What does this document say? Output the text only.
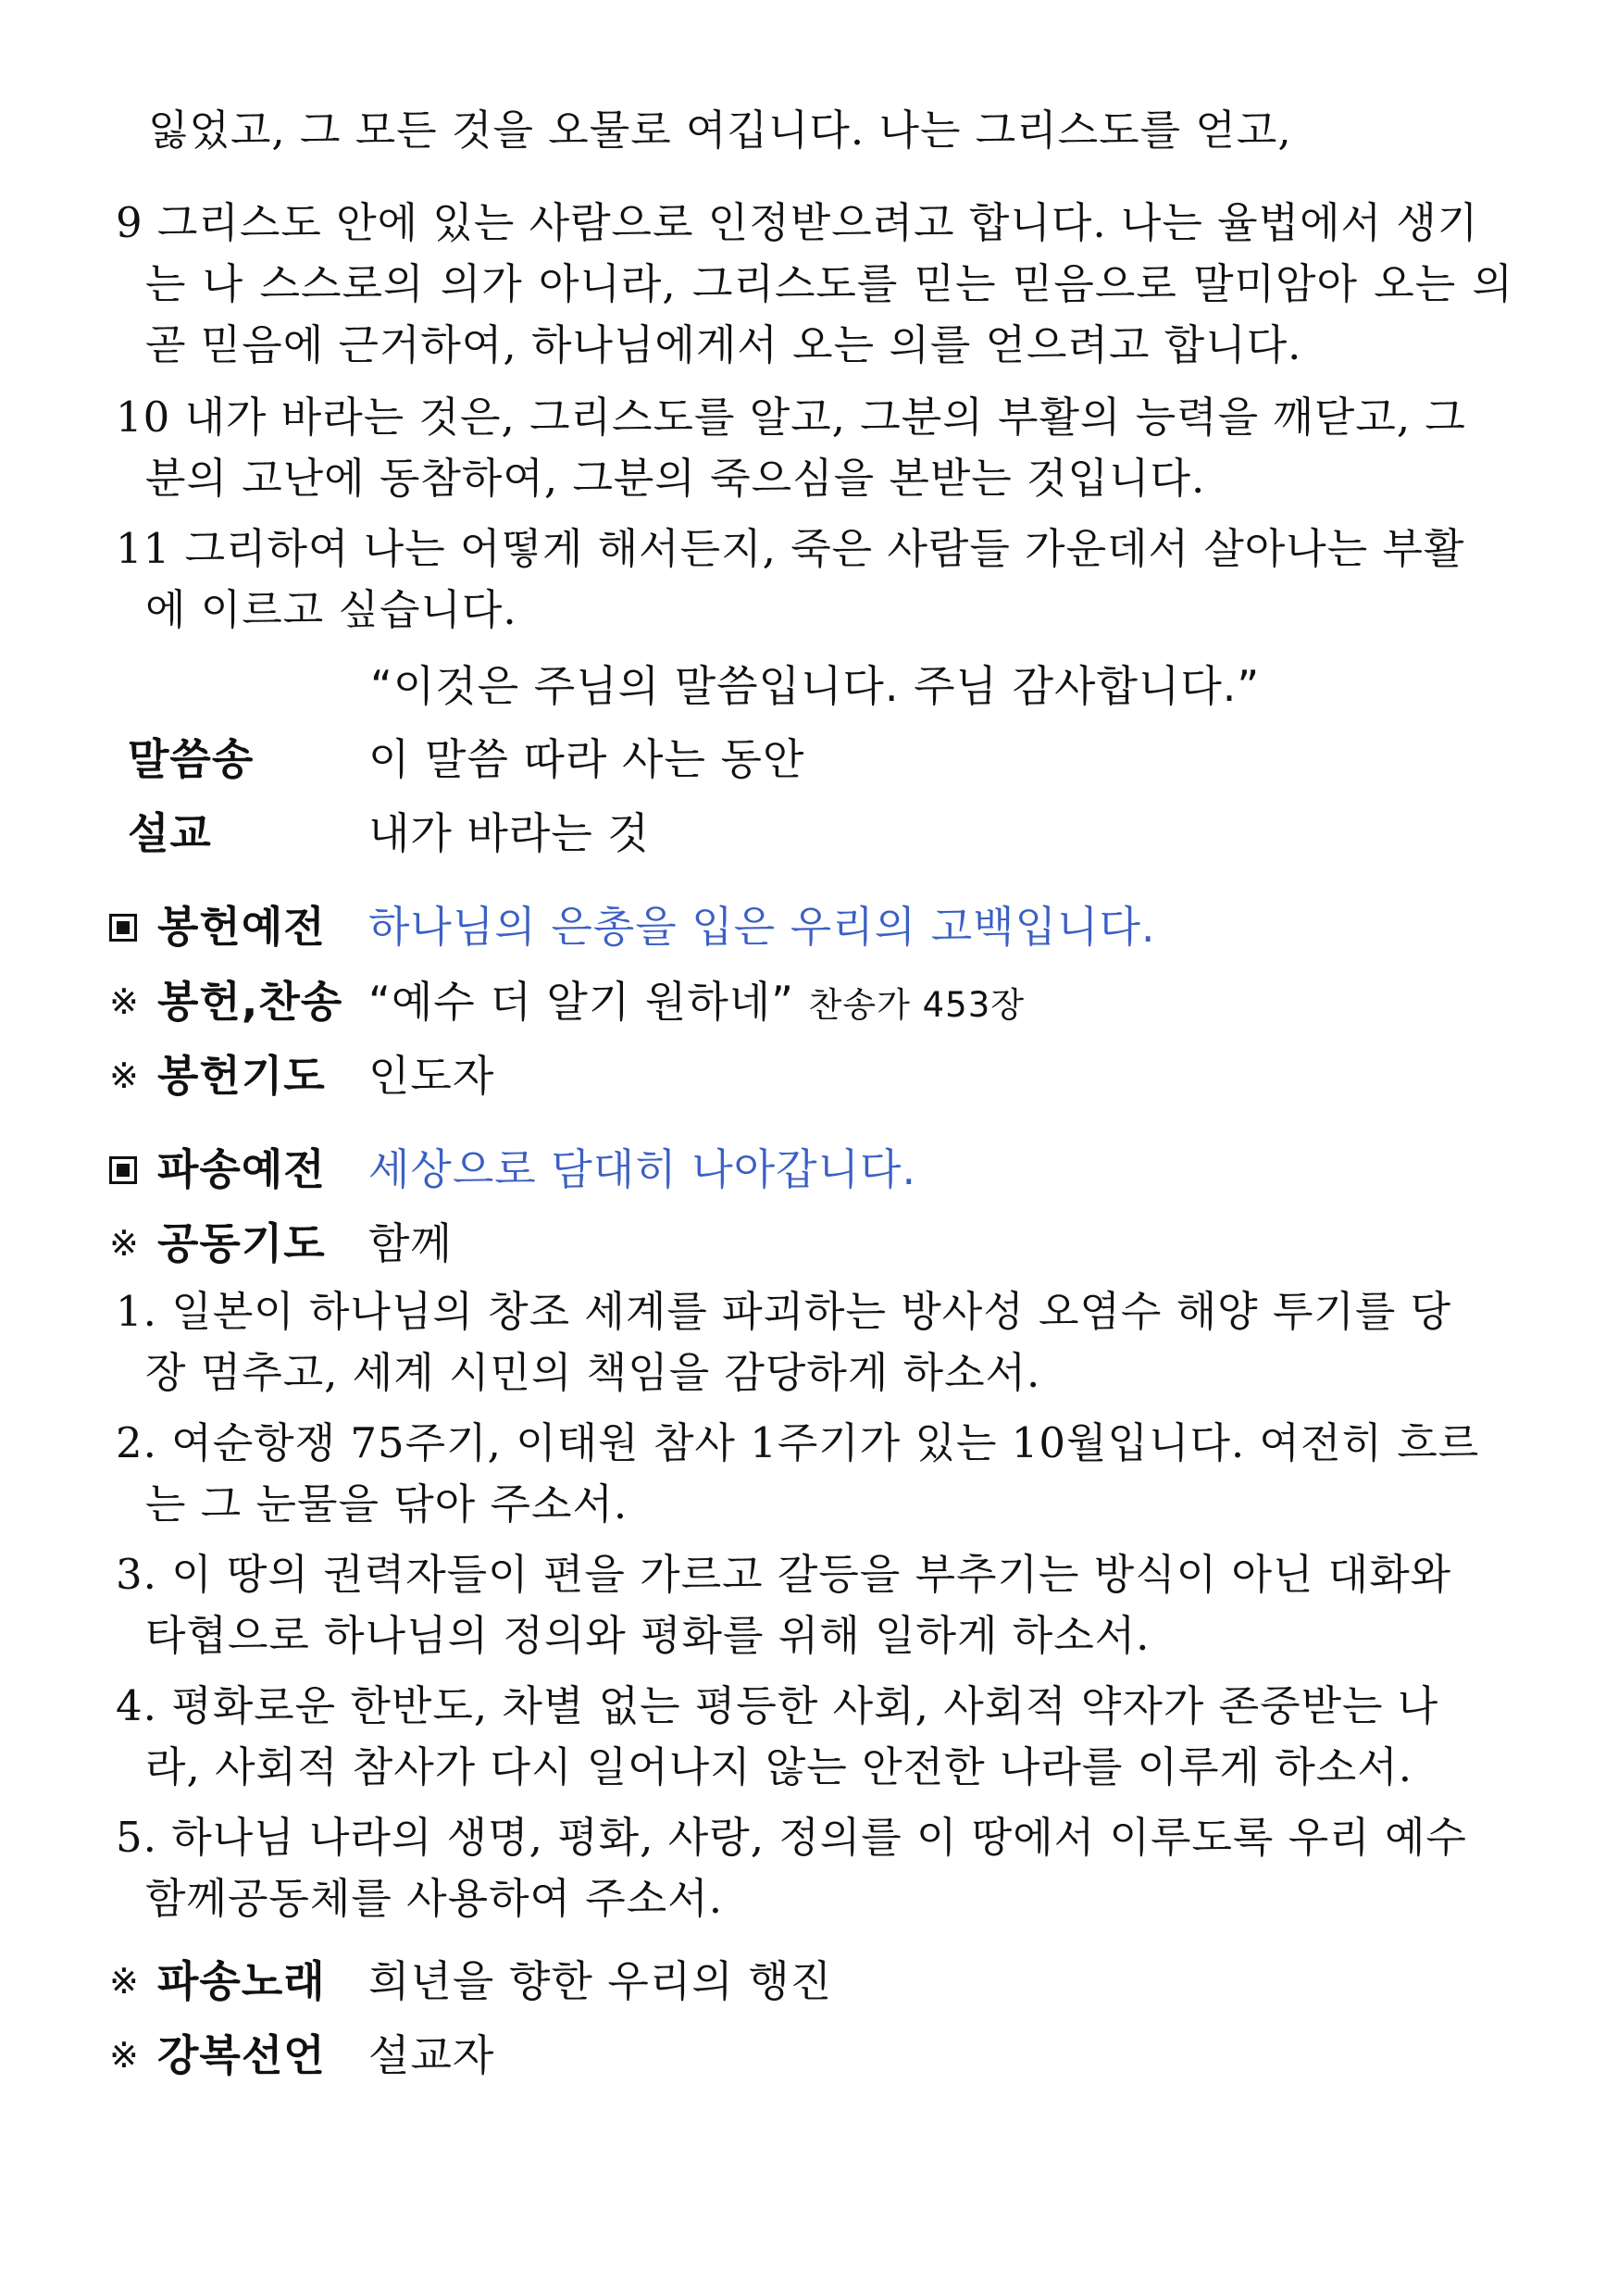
잃었고, 그 모든 것을 오물로 여깁니다. 나는 그리스도를 얻고,
9 그리스도 안에 있는 사람으로 인정받으려고 합니다. 나는 율법에서 생기
는 나 스스로의 의가 아니라, 그리스도를 믿는 믿음으로 말미암아 오는 의 곧 믿음에 근거하여, 하나님에게서 오는 의를 얻으려고 합니다.
10 내가 바라는 것은, 그리스도를 알고, 그분의 부활의 능력을 깨닫고, 그
분의 고난에 동참하여, 그분의 죽으심을 본받는 것입니다.
11 그리하여 나는 어떻게 해서든지, 죽은 사람들 가운데서 살아나는 부활
에 이르고 싶습니다.
“이것은 주님의 말씀입니다. 주님 감사합니다.”
말씀송	이 말씀 따라 사는 동안
설교	내가 바라는 것
봉헌예전 하나님의 은총을 입은 우리의 고백입니다.
※ 봉헌,찬송 “예수 더 알기 원하네” 찬송가 453장
※ 봉헌기도 인도자
파송예전 세상으로 담대히 나아갑니다.
※ 공동기도 함께
1. 일본이 하나님의 창조 세계를 파괴하는 방사성 오염수 해양 투기를 당
장 멈추고, 세계 시민의 책임을 감당하게 하소서.
2. 여순항쟁 75주기, 이태원 참사 1주기가 있는 10월입니다. 여전히 흐르
는 그 눈물을 닦아 주소서.
3. 이 땅의 권력자들이 편을 가르고 갈등을 부추기는 방식이 아닌 대화와
타협으로 하나님의 정의와 평화를 위해 일하게 하소서.
4. 평화로운 한반도, 차별 없는 평등한 사회, 사회적 약자가 존중받는 나
라, 사회적 참사가 다시 일어나지 않는 안전한 나라를 이루게 하소서.
5. 하나님 나라의 생명, 평화, 사랑, 정의를 이 땅에서 이루도록 우리 예수
함께공동체를 사용하여 주소서.
※ 파송노래 희년을 향한 우리의 행진
※ 강복선언 설교자
